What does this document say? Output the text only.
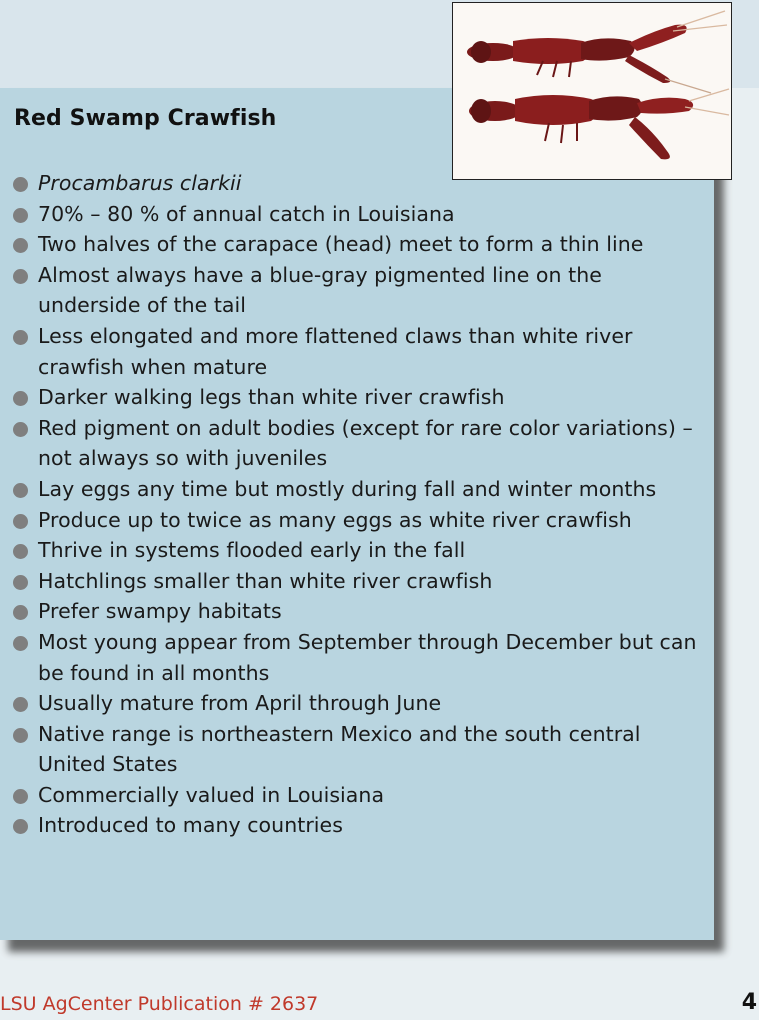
Red Swamp Crawfish
Procambarus clarkii
70% – 80 % of annual catch in Louisiana
Two halves of the carapace (head) meet to form a thin line
Almost always have a blue-gray pigmented line on the underside of the tail
Less elongated and more flattened claws than white river crawfish when mature
Darker walking legs than white river crawfish
Red pigment on adult bodies (except for rare color variations) – not always so with juveniles
Lay eggs any time but mostly during fall and winter months
Produce up to twice as many eggs as white river crawfish
Thrive in systems flooded early in the fall
Hatchlings smaller than white river crawfish
Prefer swampy habitats
Most young appear from September through December but can be found in all months
Usually mature from April through June
Native range is northeastern Mexico and the south central United States
Commercially valued in Louisiana
Introduced to many countries
LSU AgCenter Publication # 2637	4
